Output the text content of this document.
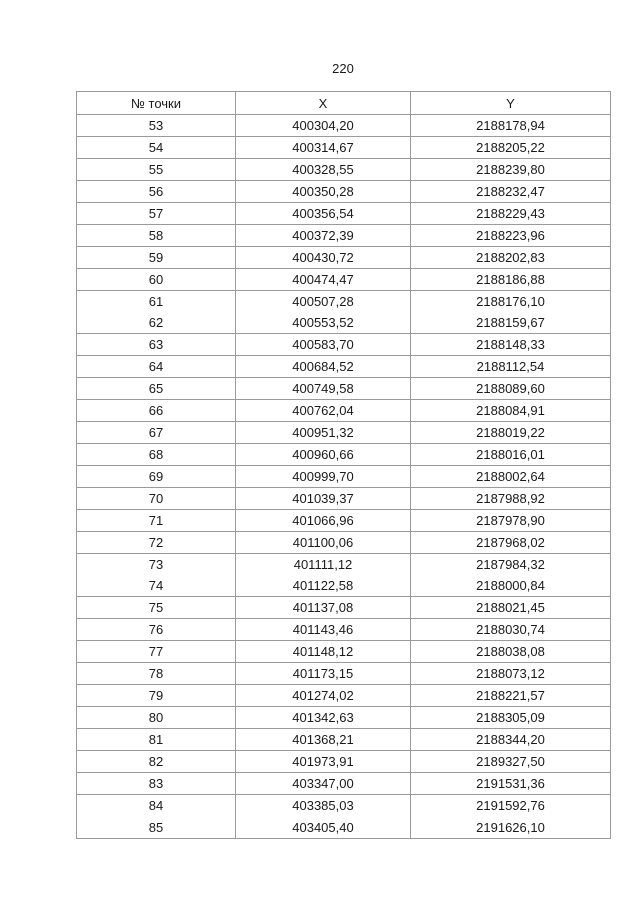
220
№ точки	X	Y
53	400304,20	2188178,94
54	400314,67	2188205,22
55	400328,55	2188239,80
56	400350,28	2188232,47
57	400356,54	2188229,43
58	400372,39	2188223,96
59	400430,72	2188202,83
60	400474,47	2188186,88
61	400507,28	2188176,10
62	400553,52	2188159,67
63	400583,70	2188148,33
64	400684,52	2188112,54
65	400749,58	2188089,60
66	400762,04	2188084,91
67	400951,32	2188019,22
68	400960,66	2188016,01
69	400999,70	2188002,64
70	401039,37	2187988,92
71	401066,96	2187978,90
72	401100,06	2187968,02
73	401111,12	2187984,32
74	401122,58	2188000,84
75	401137,08	2188021,45
76	401143,46	2188030,74
77	401148,12	2188038,08
78	401173,15	2188073,12
79	401274,02	2188221,57
80	401342,63	2188305,09
81	401368,21	2188344,20
82	401973,91	2189327,50
83	403347,00	2191531,36
84	403385,03	2191592,76
85	403405,40	2191626,10
